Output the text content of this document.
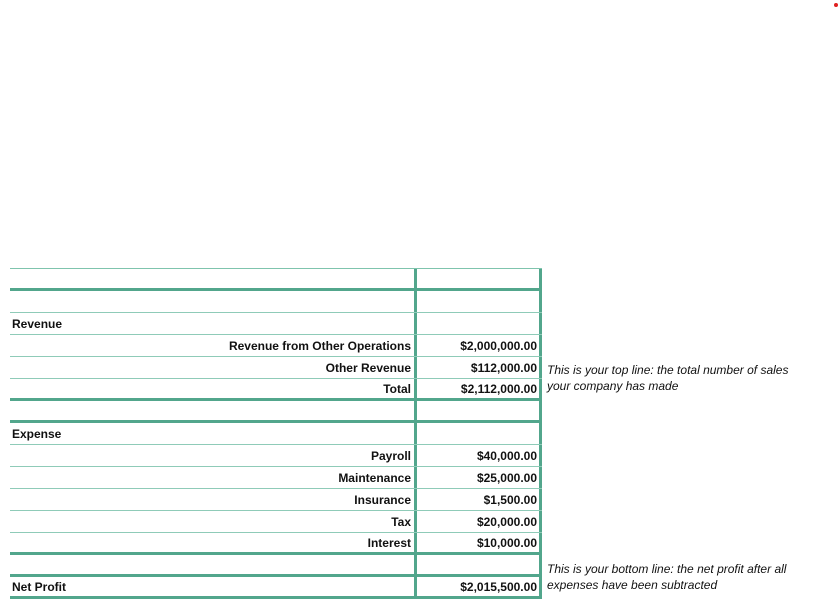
Revenue
Revenue from Other Operations	$2,000,000.00
Other Revenue	$112,000.00
Total	$2,112,000.00
Expense
Payroll	$40,000.00
Maintenance	$25,000.00
Insurance	$1,500.00
Tax	$20,000.00
Interest	$10,000.00
Net Profit	$2,015,500.00
This is your top line: the total number of sales your company has made
This is your bottom line: the net profit after all expenses have been subtracted
